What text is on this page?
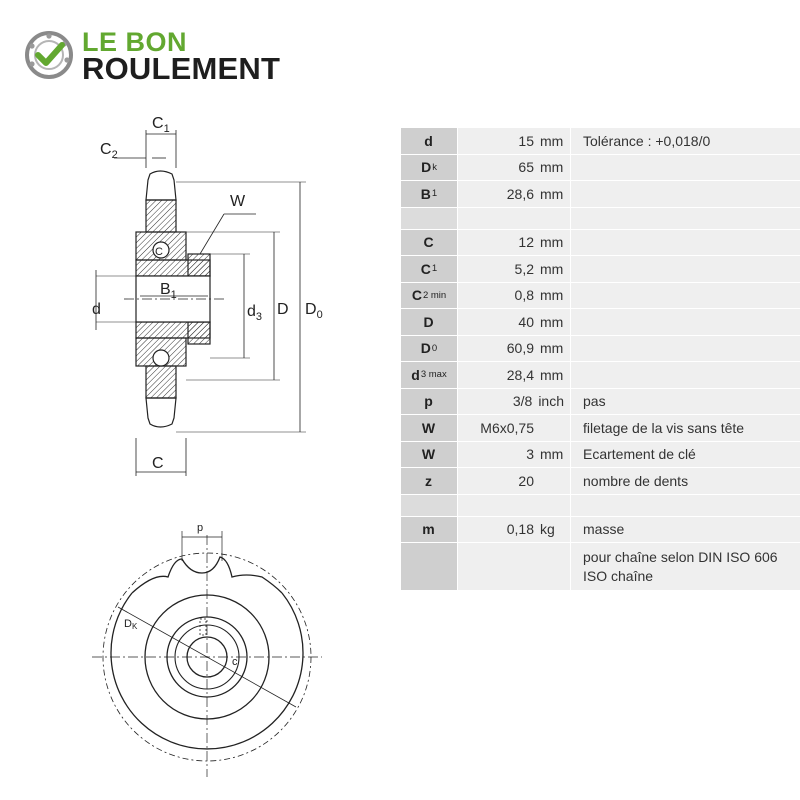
LE BON
ROULEMENT
C
$C_1$
$C_2$
W
$B_1$
d	$d_3$ D $D_0$
C
p
DK
c
d	15 mm	Tolérance : +0,018/0
D k	65 mm
B 1	28,6 mm
C	12 mm
C 1	5,2 mm
C 2 min	0,8 mm
D	40 mm
D 0	60,9 mm
d 3 max	28,4 mm
p	3/8 inch	pas
W	M6x0,75	filetage de la vis sans tête
W	3 mm	Ecartement de clé
z	20	nombre de dents
m	0,18 kg	masse
pour chaîne selon DIN ISO 606
ISO chaîne
